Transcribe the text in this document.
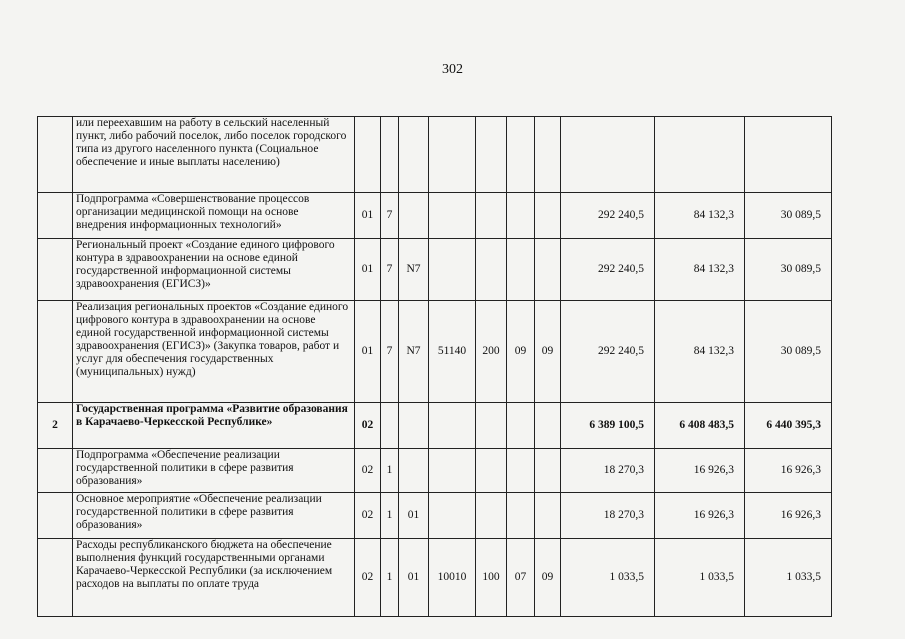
302
	или переехавшим на работу в сельский населенный пункт, либо рабочий поселок, либо поселок городского типа из другого населенного пункта (Социальное обеспечение и иные выплаты населению)										
	Подпрограмма «Совершенствование процессов организации медицинской помощи на основе внедрения информационных технологий»	01	7						292 240,5	84 132,3	30 089,5
	Региональный проект «Создание единого цифрового контура в здравоохранении на основе единой государственной информационной системы здравоохранения (ЕГИСЗ)»	01	7	N7					292 240,5	84 132,3	30 089,5
	Реализация региональных проектов «Создание единого цифрового контура в здравоохранении на основе единой государственной информационной системы здравоохранения (ЕГИСЗ)» (Закупка товаров, работ и услуг для обеспечения государственных (муниципальных) нужд)	01	7	N7	51140	200	09	09	292 240,5	84 132,3	30 089,5
2	Государственная программа «Развитие образования в Карачаево-Черкесской Республике»	02							6 389 100,5	6 408 483,5	6 440 395,3
	Подпрограмма «Обеспечение реализации государственной политики в сфере развития образования»	02	1						18 270,3	16 926,3	16 926,3
	Основное мероприятие «Обеспечение реализации государственной политики в сфере развития образования»	02	1	01					18 270,3	16 926,3	16 926,3
	Расходы республиканского бюджета на обеспечение выполнения функций государственными органами Карачаево-Черкесской Республики (за исключением расходов на выплаты по оплате труда	02	1	01	10010	100	07	09	1 033,5	1 033,5	1 033,5
